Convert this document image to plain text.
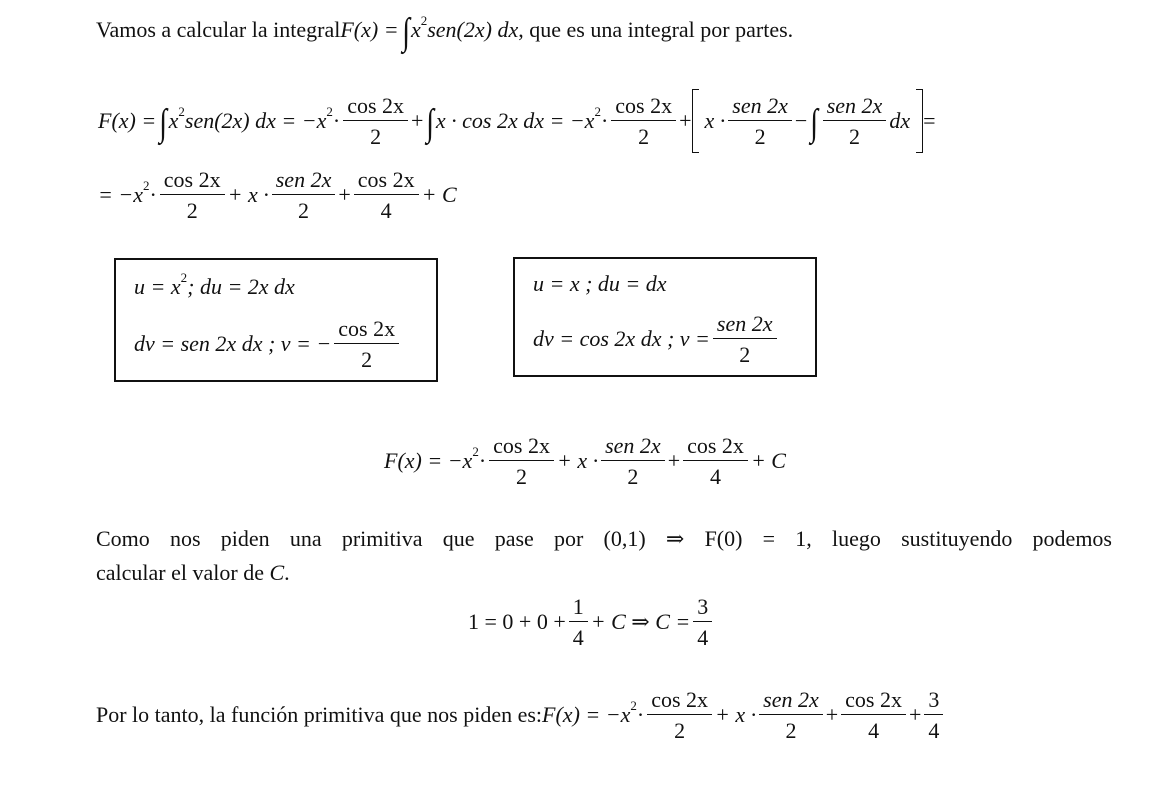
Vamos a calcular la integral F(x) = ∫ $x^2$ sen(2x) dx , que es una integral por partes.
F(x) = ∫ $x^2$ sen(2x) dx = $-x^2 \cdot \frac{\cos 2x}{2}$ + ∫ x · cos 2x dx = $-x^2 \cdot \frac{\cos 2x}{2} + x \cdot \frac{\text{sen 2x}}{2}$ − ∫ $\frac{\text{sen 2x}}{2}$ dx =
= $-x^2 \cdot \frac{\cos 2x}{2} + x \cdot \frac{\text{sen 2x}}{2} + \frac{\cos 2x}{4} + C$
$u = x^2$ ; du = 2x dx
dv = sen 2x dx ; v = − $\frac{\cos 2x}{2}$
u = x ; du = dx
dv = cos 2x dx ; $v = \frac{\text{sen 2x}}{2}$
$F(x) = -x^2 \cdot \frac{\cos 2x}{2} + x \cdot \frac{\text{sen 2x}}{2} + \frac{\cos 2x}{4} + C$
Como nos piden una primitiva que pase por (0,1) ⇒ F(0) = 1, luego sustituyendo podemos
calcular el valor de C.
$1 = 0 + 0 + \frac{1}{4} + C$ ⇒ $C = \frac{3}{4}$
Por lo tanto, la función primitiva que nos piden es: $F(x) = -x^2 \cdot \frac{\cos 2x}{2} + x \cdot \frac{\text{sen 2x}}{2} + \frac{\cos 2x}{4} + \frac{3}{4}$
